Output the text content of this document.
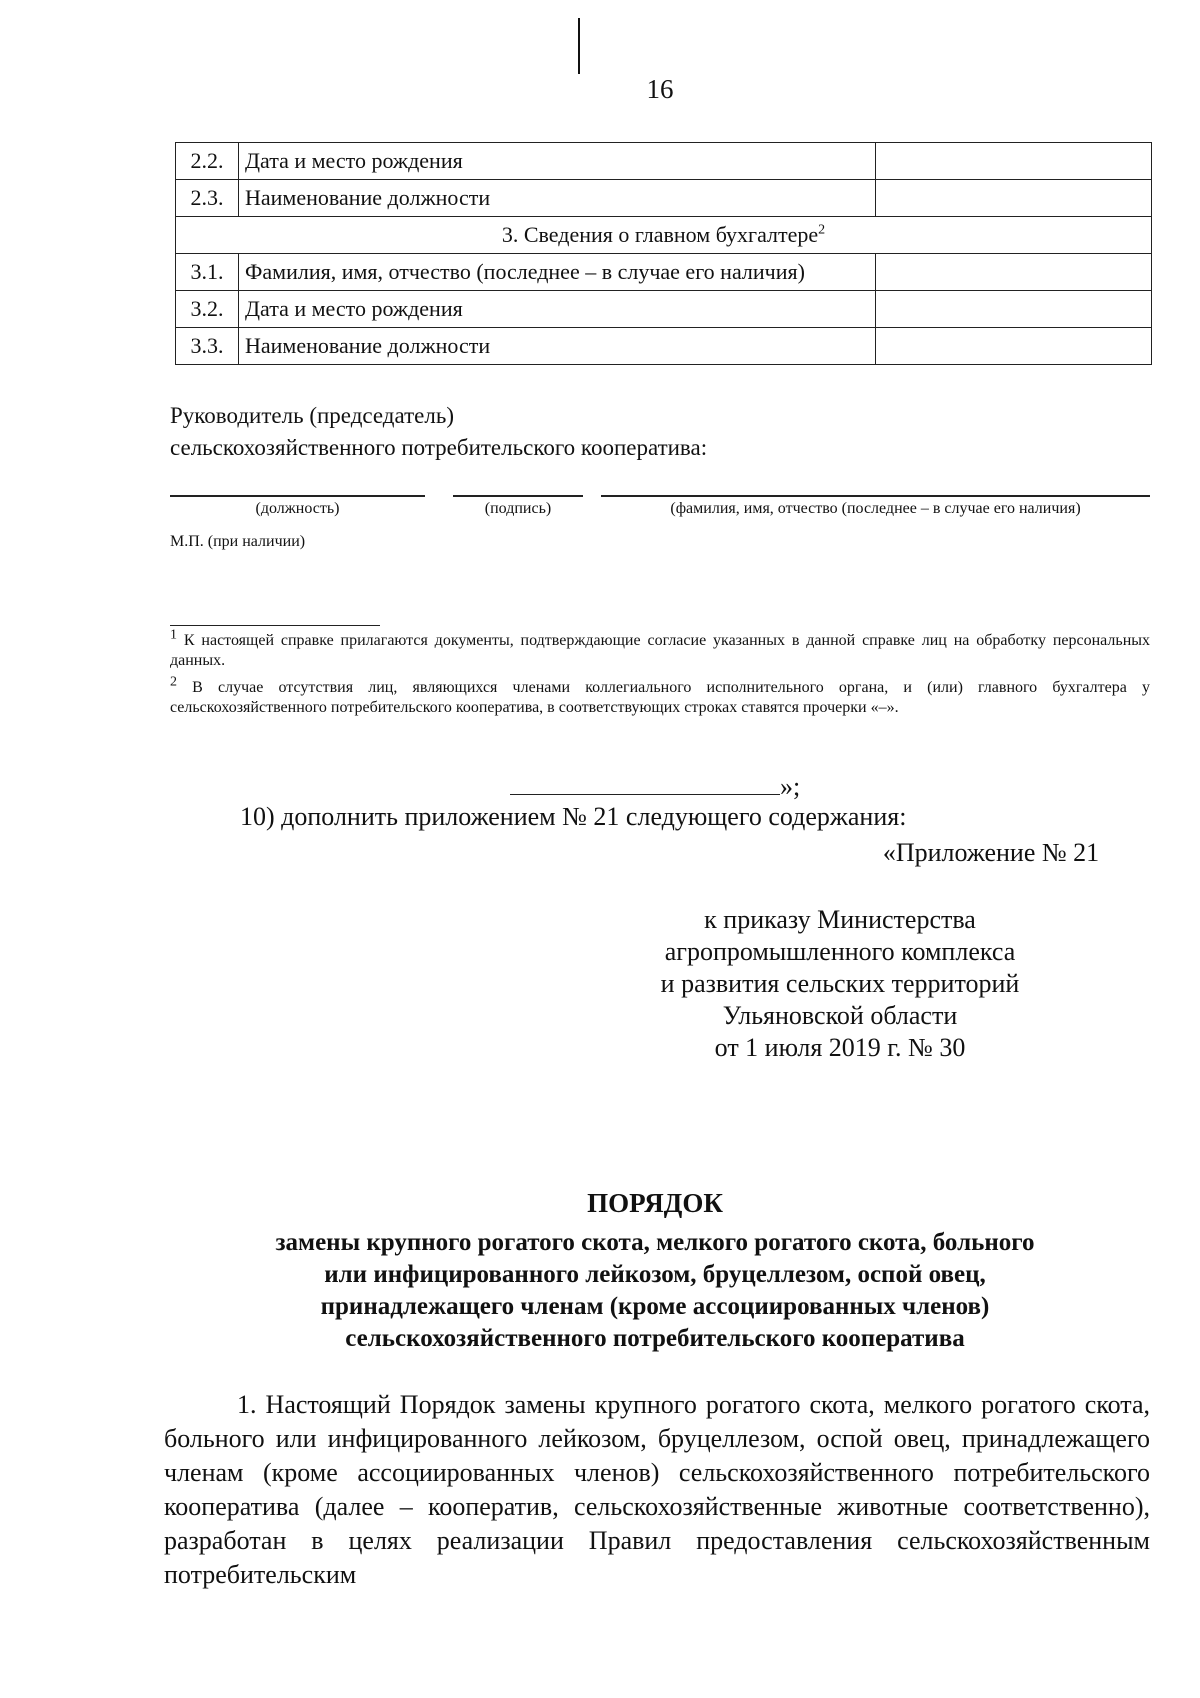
16
2.2.	Дата и место рождения	
2.3.	Наименование должности	
3. Сведения о главном бухгалтере$^2$
3.1.	Фамилия, имя, отчество (последнее – в случае его наличия)	
3.2.	Дата и место рождения	
3.3.	Наименование должности	
Руководитель (председатель)
сельскохозяйственного потребительского кооператива:
(должность)	(подпись)	(фамилия, имя, отчество (последнее – в случае его наличия)
М.П. (при наличии)
$^1$ К настоящей справке прилагаются документы, подтверждающие согласие указанных в данной справке лиц на обработку персональных данных.
$^2$ В случае отсутствия лиц, являющихся членами коллегиального исполнительного органа, и (или) главного бухгалтера у сельскохозяйственного потребительского кооператива, в соответствующих строках ставятся прочерки «–».
»;
10) дополнить приложением № 21 следующего содержания:
«Приложение № 21
к приказу Министерства
агропромышленного комплекса
и развития сельских территорий
Ульяновской области
от 1 июля 2019 г. № 30
ПОРЯДОК
замены крупного рогатого скота, мелкого рогатого скота, больного
или инфицированного лейкозом, бруцеллезом, оспой овец,
принадлежащего членам (кроме ассоциированных членов)
сельскохозяйственного потребительского кооператива
1. Настоящий Порядок замены крупного рогатого скота, мелкого рогатого скота, больного или инфицированного лейкозом, бруцеллезом, оспой овец, принадлежащего членам (кроме ассоциированных членов) сельскохозяйственного потребительского кооператива (далее – кооператив, сельскохозяйственные животные соответственно), разработан в целях реализации Правил предоставления сельскохозяйственным потребительским
